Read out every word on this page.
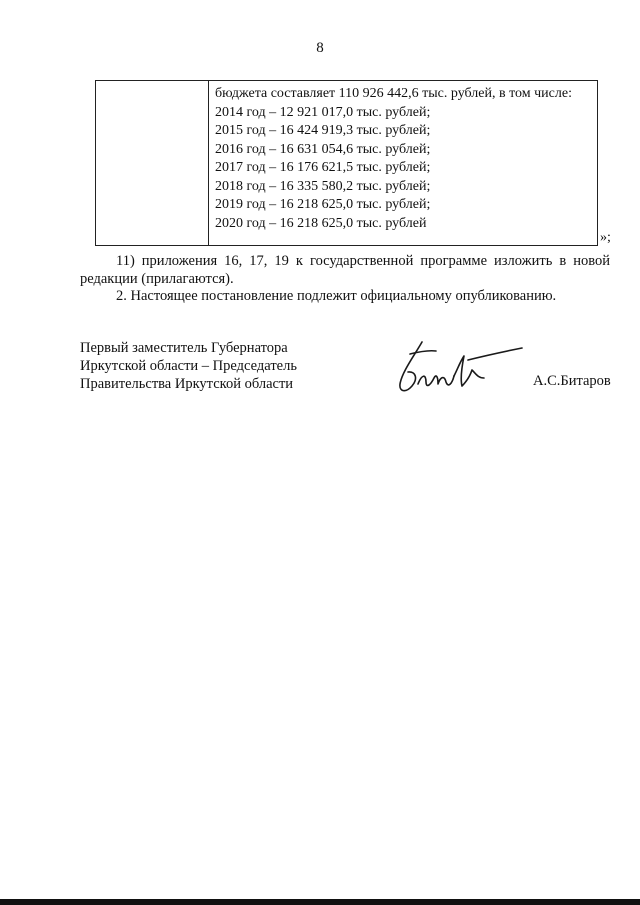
8
бюджета составляет 110 926 442,6 тыс. рублей, в том числе:
2014 год – 12 921 017,0 тыс. рублей;
2015 год – 16 424 919,3 тыс. рублей;
2016 год – 16 631 054,6 тыс. рублей;
2017 год – 16 176 621,5 тыс. рублей;
2018 год – 16 335 580,2 тыс. рублей;
2019 год – 16 218 625,0 тыс. рублей;
2020 год – 16 218 625,0 тыс. рублей
»;
11) приложения 16, 17, 19 к государственной программе изложить в новой редакции (прилагаются).
2. Настоящее постановление подлежит официальному опубликованию.
Первый заместитель Губернатора
Иркутской области – Председатель
Правительства Иркутской области	А.С.Битаров
